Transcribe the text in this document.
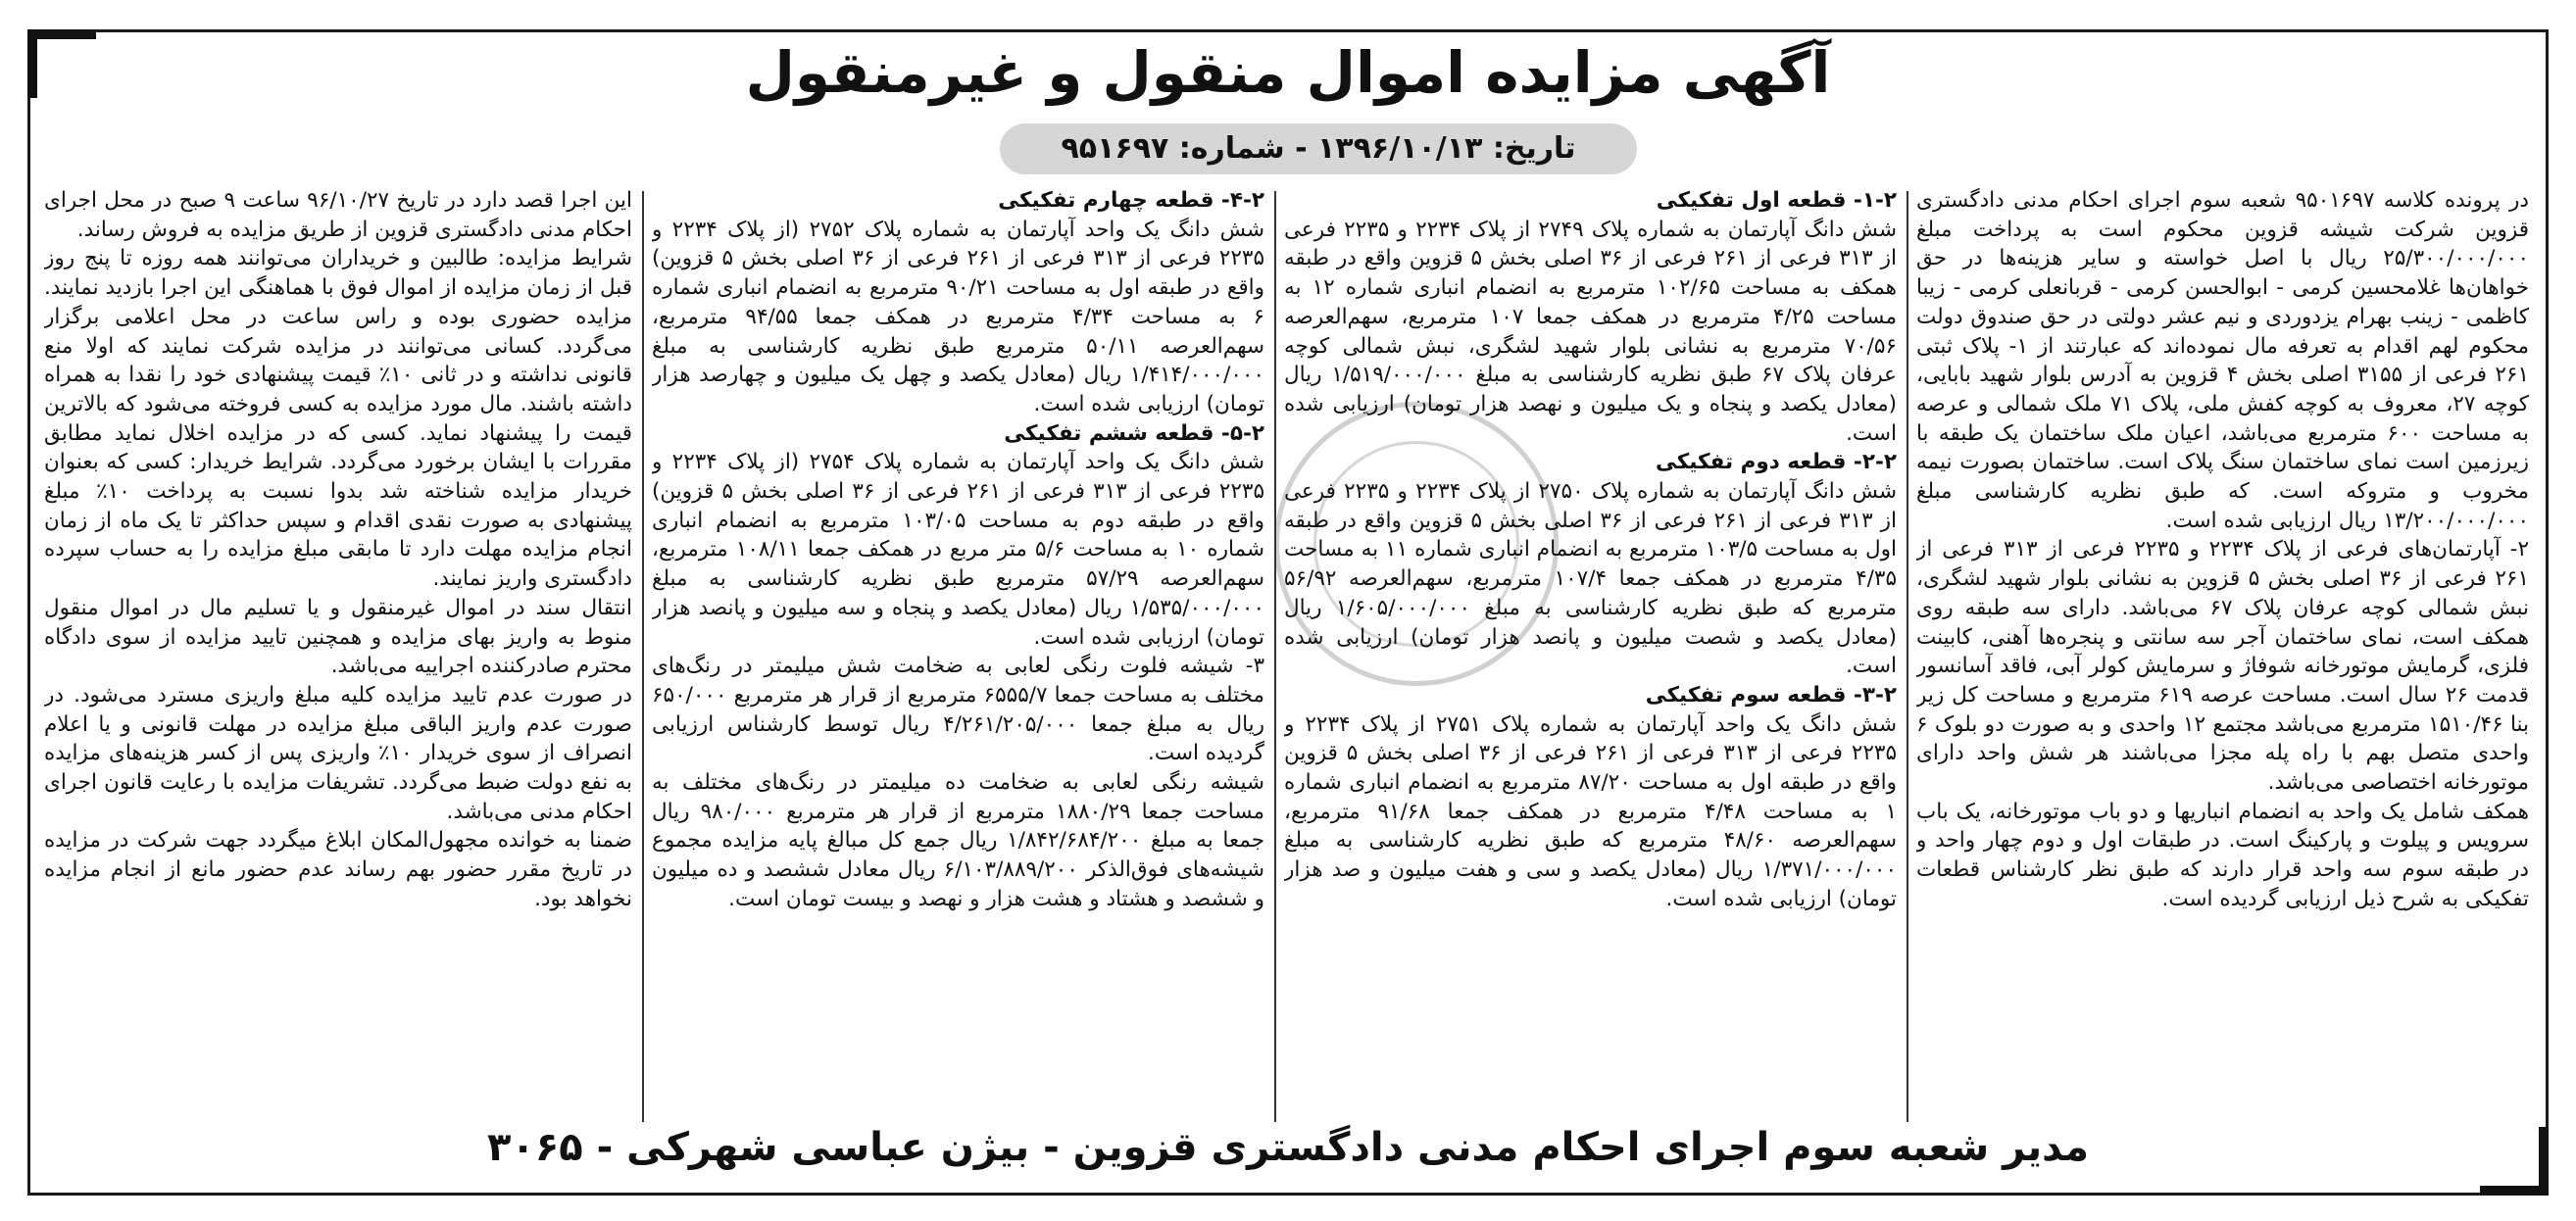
آگهی مزایده اموال منقول و غیرمنقول
تاریخ: ۱۳۹۶/۱۰/۱۳ - شماره: ۹۵۱۶۹۷

در پرونده کلاسه ۹۵۰۱۶۹۷ شعبه سوم اجرای احکام مدنی دادگستری قزوین شرکت شیشه قزوین محکوم است به پرداخت مبلغ ۲۵/۳۰۰/۰۰۰/۰۰۰ ریال با اصل خواسته و سایر هزینه‌ها در حق خواهان‌ها غلامحسین کرمی - ابوالحسن کرمی - قربانعلی کرمی - زیبا کاظمی - زینب بهرام یزدوردی و نیم عشر دولتی در حق صندوق دولت محکوم لهم اقدام به تعرفه مال نموده‌اند که عبارتند از ۱- پلاک ثبتی ۲۶۱ فرعی از ۳۱۵۵ اصلی بخش ۴ قزوین به آدرس بلوار شهید بابایی، کوچه ۲۷، معروف به کوچه کفش ملی، پلاک ۷۱ ملک شمالی و عرصه به مساحت ۶۰۰ مترمربع می‌باشد، اعیان ملک ساختمان یک طبقه با زیرزمین است نمای ساختمان سنگ پلاک است. ساختمان بصورت نیمه مخروب و متروکه است. که طبق نظریه کارشناسی مبلغ ۱۳/۲۰۰/۰۰۰/۰۰۰ ریال ارزیابی شده است.

۲- آپارتمان‌های فرعی از پلاک ۲۲۳۴ و ۲۲۳۵ فرعی از ۳۱۳ فرعی از ۲۶۱ فرعی از ۳۶ اصلی بخش ۵ قزوین به نشانی بلوار شهید لشگری، نبش شمالی کوچه عرفان پلاک ۶۷ می‌باشد. دارای سه طبقه روی همکف است، نمای ساختمان آجر سه سانتی و پنجره‌ها آهنی، کابینت فلزی، گرمایش موتورخانه شوفاژ و سرمایش کولر آبی، فاقد آسانسور قدمت ۲۶ سال است. مساحت عرصه ۶۱۹ مترمربع و مساحت کل زیر بنا ۱۵۱۰/۴۶ مترمربع می‌باشد مجتمع ۱۲ واحدی و به صورت دو بلوک ۶ واحدی متصل بهم با راه پله مجزا می‌باشند هر شش واحد دارای موتورخانه اختصاصی می‌باشد.

همکف شامل یک واحد به انضمام انباریها و دو باب موتورخانه، یک باب سرویس و پیلوت و پارکینگ است. در طبقات اول و دوم چهار واحد و در طبقه سوم سه واحد قرار دارند که طبق نظر کارشناس قطعات تفکیکی به شرح ذیل ارزیابی گردیده است.

۱-۲- قطعه اول تفکیکی

شش دانگ آپارتمان به شماره پلاک ۲۷۴۹ از پلاک ۲۲۳۴ و ۲۲۳۵ فرعی از ۳۱۳ فرعی از ۲۶۱ فرعی از ۳۶ اصلی بخش ۵ قزوین واقع در طبقه همکف به مساحت ۱۰۲/۶۵ مترمربع به انضمام انباری شماره ۱۲ به مساحت ۴/۲۵ مترمربع در همکف جمعا ۱۰۷ مترمربع، سهم‌العرصه ۷۰/۵۶ مترمربع به نشانی بلوار شهید لشگری، نبش شمالی کوچه عرفان پلاک ۶۷ طبق نظریه کارشناسی به مبلغ ۱/۵۱۹/۰۰۰/۰۰۰ ریال (معادل یکصد و پنجاه و یک میلیون و نهصد هزار تومان) ارزیابی شده است.

۲-۲- قطعه دوم تفکیکی

شش دانگ آپارتمان به شماره پلاک ۲۷۵۰ از پلاک ۲۲۳۴ و ۲۲۳۵ فرعی از ۳۱۳ فرعی از ۲۶۱ فرعی از ۳۶ اصلی بخش ۵ قزوین واقع در طبقه اول به مساحت ۱۰۳/۵ مترمربع به انضمام انباری شماره ۱۱ به مساحت ۴/۳۵ مترمربع در همکف جمعا ۱۰۷/۴ مترمربع، سهم‌العرصه ۵۶/۹۲ مترمربع که طبق نظریه کارشناسی به مبلغ ۱/۶۰۵/۰۰۰/۰۰۰ ریال (معادل یکصد و شصت میلیون و پانصد هزار تومان) ارزیابی شده است.

۳-۲- قطعه سوم تفکیکی

شش دانگ یک واحد آپارتمان به شماره پلاک ۲۷۵۱ از پلاک ۲۲۳۴ و ۲۲۳۵ فرعی از ۳۱۳ فرعی از ۲۶۱ فرعی از ۳۶ اصلی بخش ۵ قزوین واقع در طبقه اول به مساحت ۸۷/۲۰ مترمربع به انضمام انباری شماره ۱ به مساحت ۴/۴۸ مترمربع در همکف جمعا ۹۱/۶۸ مترمربع، سهم‌العرصه ۴۸/۶۰ مترمربع که طبق نظریه کارشناسی به مبلغ ۱/۳۷۱/۰۰۰/۰۰۰ ریال (معادل یکصد و سی و هفت میلیون و صد هزار تومان) ارزیابی شده است.

۴-۲- قطعه چهارم تفکیکی

شش دانگ یک واحد آپارتمان به شماره پلاک ۲۷۵۲ (از پلاک ۲۲۳۴ و ۲۲۳۵ فرعی از ۳۱۳ فرعی از ۲۶۱ فرعی از ۳۶ اصلی بخش ۵ قزوین) واقع در طبقه اول به مساحت ۹۰/۲۱ مترمربع به انضمام انباری شماره ۶ به مساحت ۴/۳۴ مترمربع در همکف جمعا ۹۴/۵۵ مترمربع، سهم‌العرصه ۵۰/۱۱ مترمربع طبق نظریه کارشناسی به مبلغ ۱/۴۱۴/۰۰۰/۰۰۰ ریال (معادل یکصد و چهل یک میلیون و چهارصد هزار تومان) ارزیابی شده است.

۵-۲- قطعه ششم تفکیکی

شش دانگ یک واحد آپارتمان به شماره پلاک ۲۷۵۴ (از پلاک ۲۲۳۴ و ۲۲۳۵ فرعی از ۳۱۳ فرعی از ۲۶۱ فرعی از ۳۶ اصلی بخش ۵ قزوین) واقع در طبقه دوم به مساحت ۱۰۳/۰۵ مترمربع به انضمام انباری شماره ۱۰ به مساحت ۵/۶ متر مربع در همکف جمعا ۱۰۸/۱۱ مترمربع، سهم‌العرصه ۵۷/۲۹ مترمربع طبق نظریه کارشناسی به مبلغ ۱/۵۳۵/۰۰۰/۰۰۰ ریال (معادل یکصد و پنجاه و سه میلیون و پانصد هزار تومان) ارزیابی شده است.

۳- شیشه فلوت رنگی لعابی به ضخامت شش میلیمتر در رنگ‌های مختلف به مساحت جمعا ۶۵۵۵/۷ مترمربع از قرار هر مترمربع ۶۵۰/۰۰۰ ریال به مبلغ جمعا ۴/۲۶۱/۲۰۵/۰۰۰ ریال توسط کارشناس ارزیابی گردیده است.

شیشه رنگی لعابی به ضخامت ده میلیمتر در رنگ‌های مختلف به مساحت جمعا ۱۸۸۰/۲۹ مترمربع از قرار هر مترمربع ۹۸۰/۰۰۰ ریال جمعا به مبلغ ۱/۸۴۲/۶۸۴/۲۰۰ ریال جمع کل مبالغ پایه مزایده مجموع شیشه‌های فوق‌الذکر ۶/۱۰۳/۸۸۹/۲۰۰ ریال معادل ششصد و ده میلیون و ششصد و هشتاد و هشت هزار و نهصد و بیست تومان است.

این اجرا قصد دارد در تاریخ ۹۶/۱۰/۲۷ ساعت ۹ صبح در محل اجرای احکام مدنی دادگستری قزوین از طریق مزایده به فروش رساند.

شرایط مزایده: طالبین و خریداران می‌توانند همه روزه تا پنج روز قبل از زمان مزایده از اموال فوق با هماهنگی این اجرا بازدید نمایند. مزایده حضوری بوده و راس ساعت در محل اعلامی برگزار می‌گردد. کسانی می‌توانند در مزایده شرکت نمایند که اولا منع قانونی نداشته و در ثانی ۱۰٪ قیمت پیشنهادی خود را نقدا به همراه داشته باشند. مال مورد مزایده به کسی فروخته می‌شود که بالاترین قیمت را پیشنهاد نماید. کسی که در مزایده اخلال نماید مطابق مقررات با ایشان برخورد می‌گردد. شرایط خریدار: کسی که بعنوان خریدار مزایده شناخته شد بدوا نسبت به پرداخت ۱۰٪ مبلغ پیشنهادی به صورت نقدی اقدام و سپس حداکثر تا یک ماه از زمان انجام مزایده مهلت دارد تا مابقی مبلغ مزایده را به حساب سپرده دادگستری واریز نمایند.

انتقال سند در اموال غیرمنقول و یا تسلیم مال در اموال منقول منوط به واریز بهای مزایده و همچنین تایید مزایده از سوی دادگاه محترم صادرکننده اجراییه می‌باشد.

در صورت عدم تایید مزایده کلیه مبلغ واریزی مسترد می‌شود. در صورت عدم واریز الباقی مبلغ مزایده در مهلت قانونی و یا اعلام انصراف از سوی خریدار ۱۰٪ واریزی پس از کسر هزینه‌های مزایده به نفع دولت ضبط می‌گردد. تشریفات مزایده با رعایت قانون اجرای احکام مدنی می‌باشد.

ضمنا به خوانده مجهول‌المکان ابلاغ میگردد جهت شرکت در مزایده در تاریخ مقرر حضور بهم رساند عدم حضور مانع از انجام مزایده نخواهد بود.

مدیر شعبه سوم اجرای احکام مدنی دادگستری قزوین - بیژن عباسی شهرکی - ۳۰۶۵
